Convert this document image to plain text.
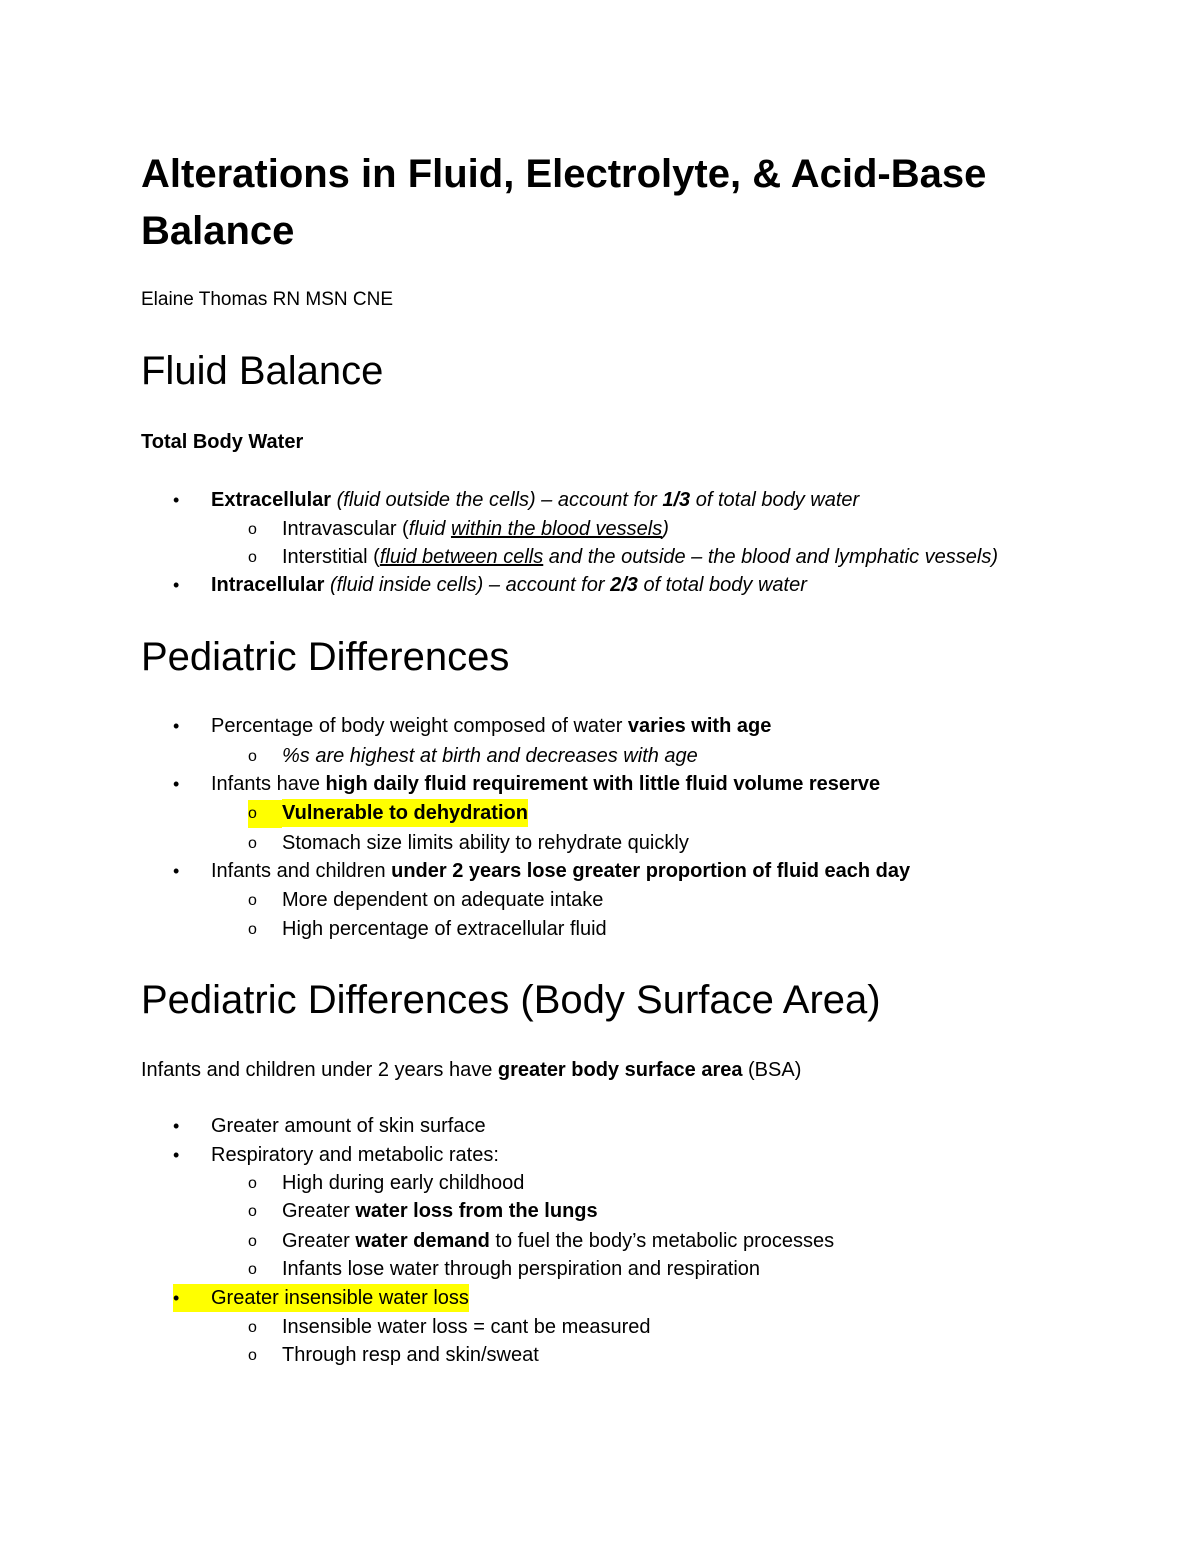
Alterations in Fluid, Electrolyte, & Acid-Base Balance
Elaine Thomas RN MSN CNE
Fluid Balance
Total Body Water
•	Extracellular (fluid outside the cells) – account for 1/3 of total body water
o	Intravascular (fluid within the blood vessels)
o	Interstitial (fluid between cells and the outside – the blood and lymphatic vessels)
•	Intracellular (fluid inside cells) – account for 2/3 of total body water
Pediatric Differences
•	Percentage of body weight composed of water varies with age
o	%s are highest at birth and decreases with age
•	Infants have high daily fluid requirement with little fluid volume reserve
o	Vulnerable to dehydration
o	Stomach size limits ability to rehydrate quickly
•	Infants and children under 2 years lose greater proportion of fluid each day
o	More dependent on adequate intake
o	High percentage of extracellular fluid
Pediatric Differences (Body Surface Area)
Infants and children under 2 years have greater body surface area (BSA)
•	Greater amount of skin surface
•	Respiratory and metabolic rates:
o	High during early childhood
o	Greater water loss from the lungs
o	Greater water demand to fuel the body’s metabolic processes
o	Infants lose water through perspiration and respiration
•	Greater insensible water loss
o	Insensible water loss = cant be measured
o	Through resp and skin/sweat
